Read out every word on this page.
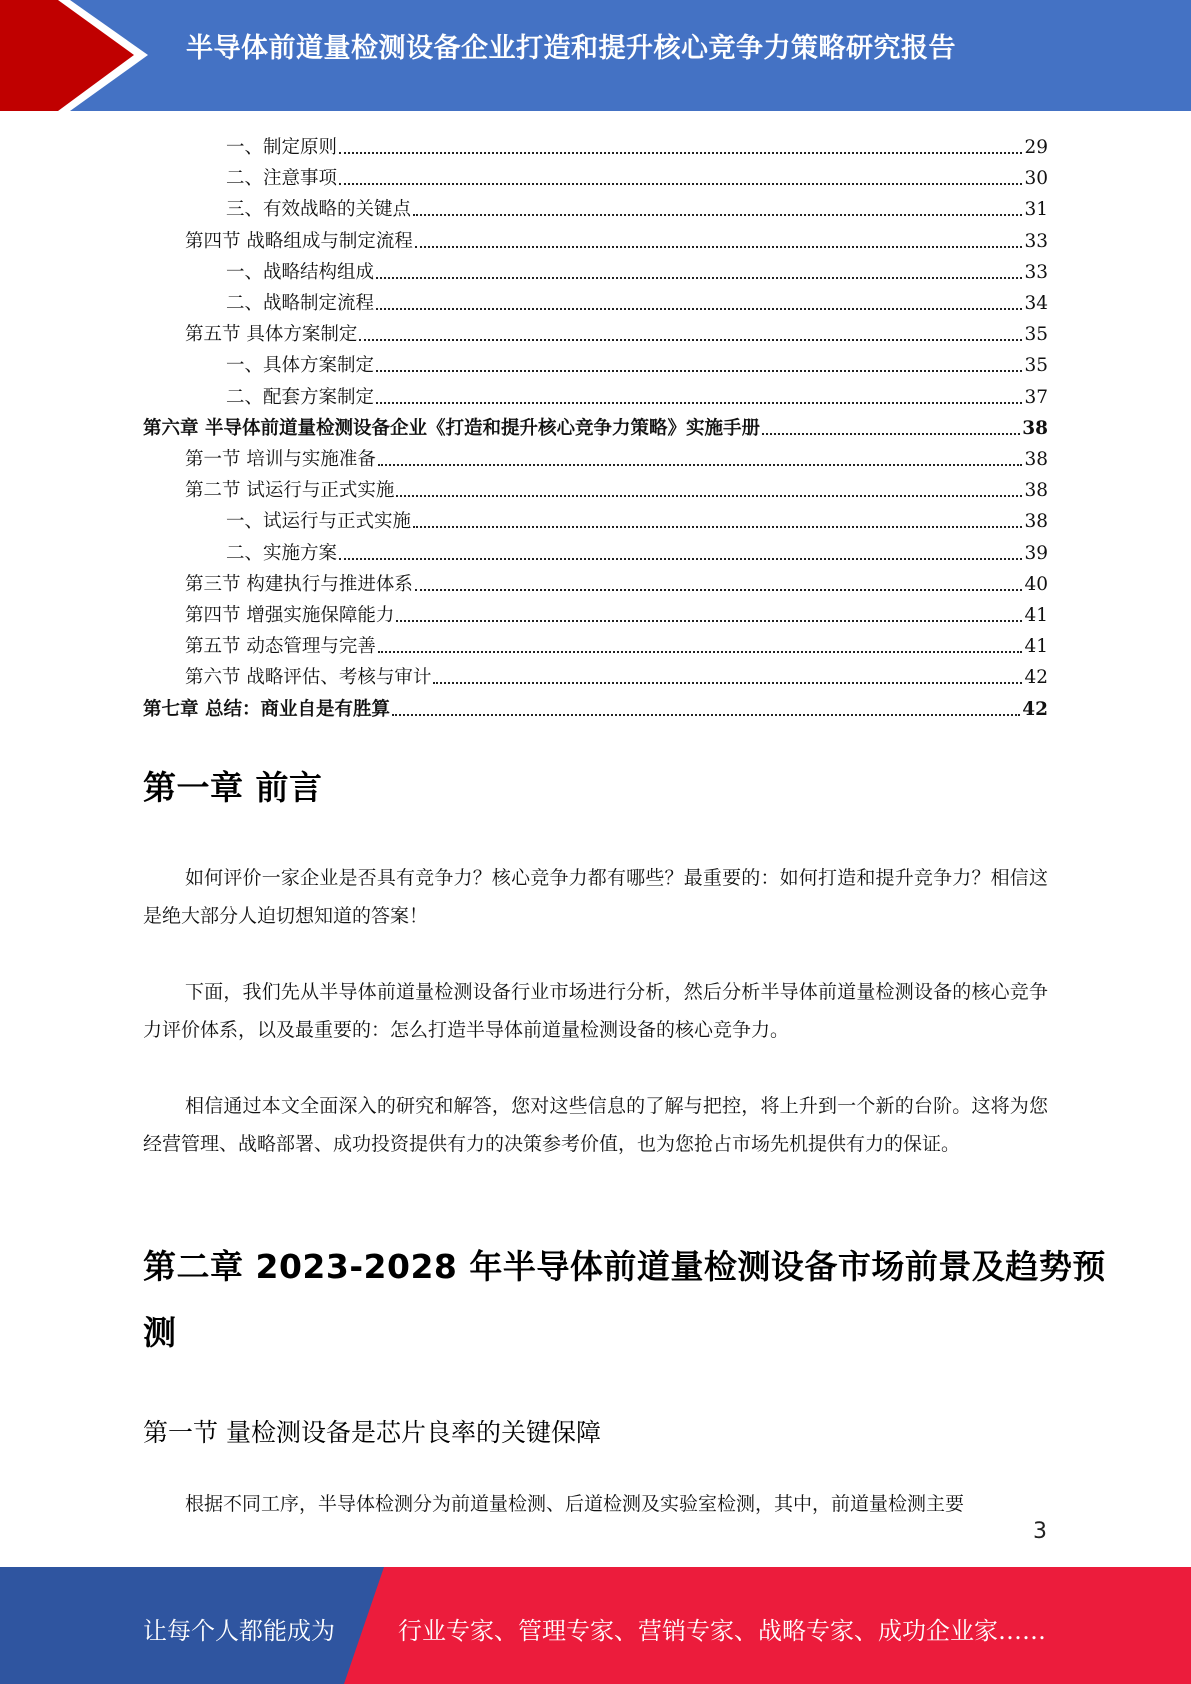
半导体前道量检测设备企业打造和提升核心竞争力策略研究报告
一、制定原则	29
二、注意事项	30
三、有效战略的关键点	31
第四节 战略组成与制定流程	33
一、战略结构组成	33
二、战略制定流程	34
第五节 具体方案制定	35
一、具体方案制定	35
二、配套方案制定	37
第六章 半导体前道量检测设备企业《打造和提升核心竞争力策略》实施手册	38
第一节 培训与实施准备	38
第二节 试运行与正式实施	38
一、试运行与正式实施	38
二、实施方案	39
第三节 构建执行与推进体系	40
第四节 增强实施保障能力	41
第五节 动态管理与完善	41
第六节 战略评估、考核与审计	42
第七章 总结：商业自是有胜算	42
第一章 前言
如何评价一家企业是否具有竞争力？核心竞争力都有哪些？最重要的：如何打造和提升竞争力？相信这是绝大部分人迫切想知道的答案！
下面，我们先从半导体前道量检测设备行业市场进行分析，然后分析半导体前道量检测设备的核心竞争力评价体系，以及最重要的：怎么打造半导体前道量检测设备的核心竞争力。
相信通过本文全面深入的研究和解答，您对这些信息的了解与把控，将上升到一个新的台阶。这将为您经营管理、战略部署、成功投资提供有力的决策参考价值，也为您抢占市场先机提供有力的保证。
第二章 2023-2028 年半导体前道量检测设备市场前景及趋势预
测
第一节 量检测设备是芯片良率的关键保障
根据不同工序，半导体检测分为前道量检测、后道检测及实验室检测，其中，前道量检测主要
3
让每个人都能成为	行业专家、管理专家、营销专家、战略专家、成功企业家……
